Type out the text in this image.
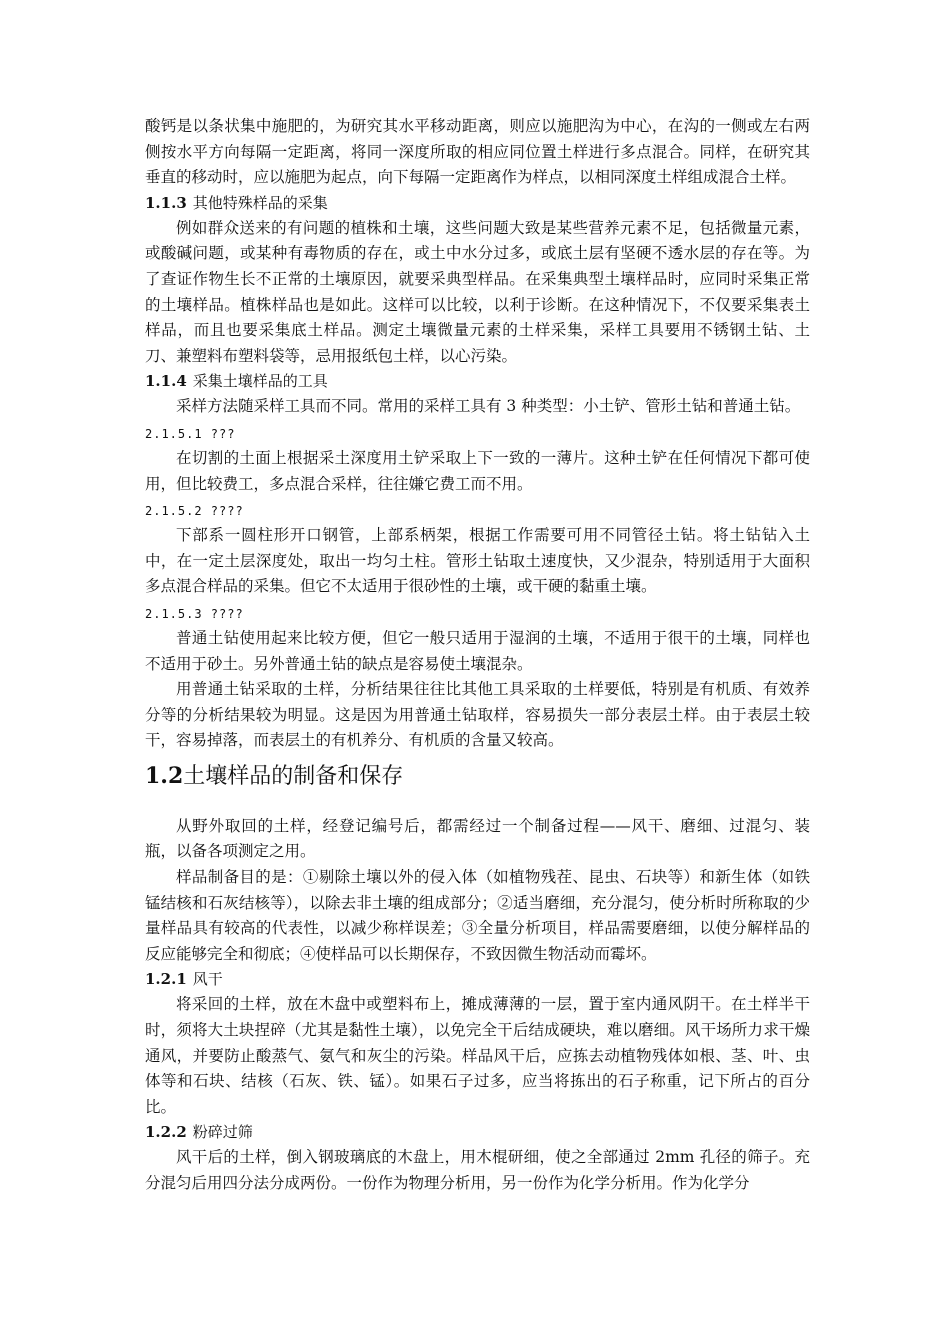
酸钙是以条状集中施肥的，为研究其水平移动距离，则应以施肥沟为中心，在沟的一侧或左右两侧按水平方向每隔一定距离，将同一深度所取的相应同位置土样进行多点混合。同样，在研究其垂直的移动时，应以施肥为起点，向下每隔一定距离作为样点，以相同深度土样组成混合土样。

1.1.3 其他特殊样品的采集

例如群众送来的有问题的植株和土壤，这些问题大致是某些营养元素不足，包括微量元素，或酸碱问题，或某种有毒物质的存在，或土中水分过多，或底土层有坚硬不透水层的存在等。为了查证作物生长不正常的土壤原因，就要采典型样品。在采集典型土壤样品时，应同时采集正常的土壤样品。植株样品也是如此。这样可以比较，以利于诊断。在这种情况下，不仅要采集表土样品，而且也要采集底土样品。测定土壤微量元素的土样采集，采样工具要用不锈钢土钻、土刀、兼塑料布塑料袋等，忌用报纸包土样，以心污染。

1.1.4 采集土壤样品的工具

采样方法随采样工具而不同。常用的采样工具有 3 种类型：小土铲、管形土钻和普通土钻。

2.1.5.1 ???

在切割的土面上根据采土深度用土铲采取上下一致的一薄片。这种土铲在任何情况下都可使用，但比较费工，多点混合采样，往往嫌它费工而不用。

2.1.5.2 ????

下部系一圆柱形开口钢管，上部系柄架，根据工作需要可用不同管径土钻。将土钻钻入土中，在一定土层深度处，取出一均匀土柱。管形土钻取土速度快，又少混杂，特别适用于大面积多点混合样品的采集。但它不太适用于很砂性的土壤，或干硬的黏重土壤。

2.1.5.3 ????

普通土钻使用起来比较方便，但它一般只适用于湿润的土壤，不适用于很干的土壤，同样也不适用于砂土。另外普通土钻的缺点是容易使土壤混杂。

用普通土钻采取的土样，分析结果往往比其他工具采取的土样要低，特别是有机质、有效养分等的分析结果较为明显。这是因为用普通土钻取样，容易损失一部分表层土样。由于表层土较干，容易掉落，而表层土的有机养分、有机质的含量又较高。

1.2土壤样品的制备和保存

从野外取回的土样，经登记编号后，都需经过一个制备过程——风干、磨细、过混匀、装瓶，以备各项测定之用。

样品制备目的是：①剔除土壤以外的侵入体（如植物残茬、昆虫、石块等）和新生体（如铁锰结核和石灰结核等），以除去非土壤的组成部分；②适当磨细，充分混匀，使分析时所称取的少量样品具有较高的代表性，以减少称样误差；③全量分析项目，样品需要磨细，以使分解样品的反应能够完全和彻底；④使样品可以长期保存，不致因微生物活动而霉坏。

1.2.1 风干

将采回的土样，放在木盘中或塑料布上，摊成薄薄的一层，置于室内通风阴干。在土样半干时，须将大土块捏碎（尤其是黏性土壤），以免完全干后结成硬块，难以磨细。风干场所力求干燥通风，并要防止酸蒸气、氨气和灰尘的污染。样品风干后，应拣去动植物残体如根、茎、叶、虫体等和石块、结核（石灰、铁、锰）。如果石子过多，应当将拣出的石子称重，记下所占的百分比。

1.2.2 粉碎过筛

风干后的土样，倒入钢玻璃底的木盘上，用木棍研细，使之全部通过 2mm 孔径的筛子。充分混匀后用四分法分成两份。一份作为物理分析用，另一份作为化学分析用。作为化学分
